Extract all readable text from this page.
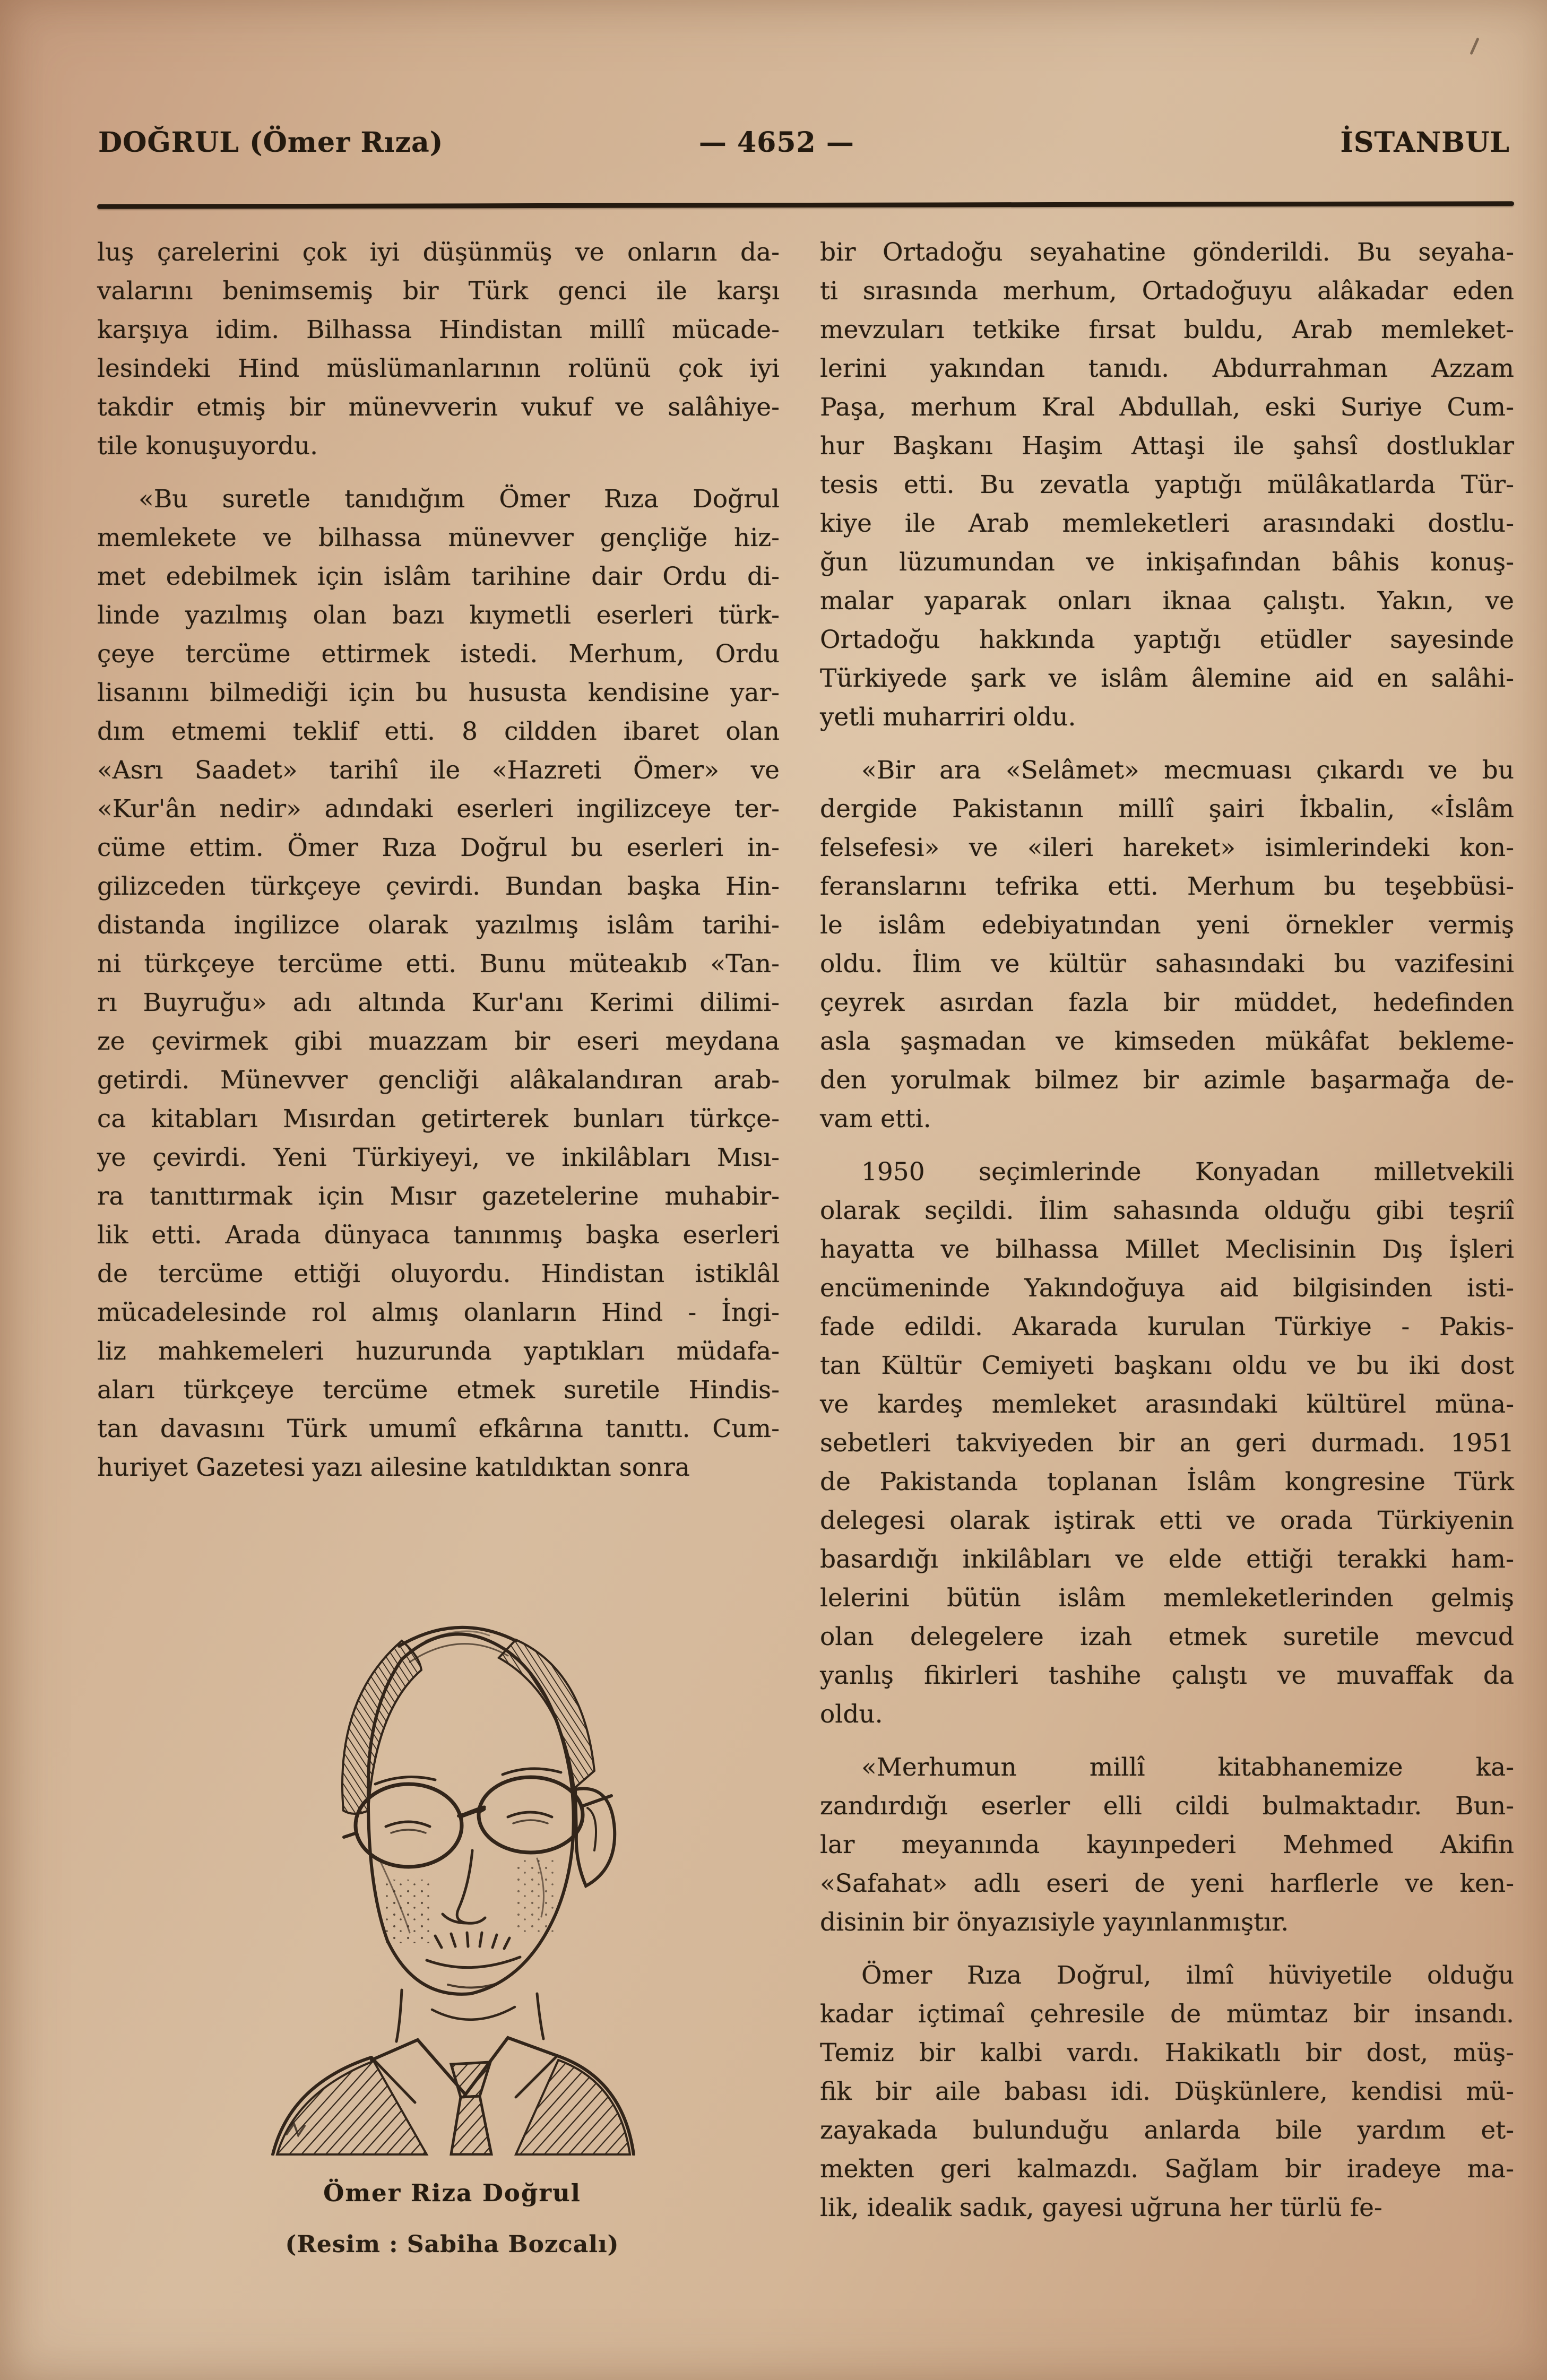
DOĞRUL (Ömer Rıza)	— 4652 —	İSTANBUL
luş çarelerini çok iyi düşünmüş ve onların da-
valarını benimsemiş bir Türk genci ile karşı
karşıya idim. Bilhassa Hindistan millî mücade-
lesindeki Hind müslümanlarının rolünü çok iyi
takdir etmiş bir münevverin vukuf ve salâhiye-
tile konuşuyordu.
«Bu suretle tanıdığım Ömer Rıza Doğrul
memlekete ve bilhassa münevver gençliğe hiz-
met edebilmek için islâm tarihine dair Ordu di-
linde yazılmış olan bazı kıymetli eserleri türk-
çeye tercüme ettirmek istedi. Merhum, Ordu
lisanını bilmediği için bu hususta kendisine yar-
dım etmemi teklif etti. 8 cildden ibaret olan
«Asrı Saadet» tarihî ile «Hazreti Ömer» ve
«Kur'ân nedir» adındaki eserleri ingilizceye ter-
cüme ettim. Ömer Rıza Doğrul bu eserleri in-
gilizceden türkçeye çevirdi. Bundan başka Hin-
distanda ingilizce olarak yazılmış islâm tarihi-
ni türkçeye tercüme etti. Bunu müteakıb «Tan-
rı Buyruğu» adı altında Kur'anı Kerimi dilimi-
ze çevirmek gibi muazzam bir eseri meydana
getirdi. Münevver gencliği alâkalandıran arab-
ca kitabları Mısırdan getirterek bunları türkçe-
ye çevirdi. Yeni Türkiyeyi, ve inkilâbları Mısı-
ra tanıttırmak için Mısır gazetelerine muhabir-
lik etti. Arada dünyaca tanınmış başka eserleri
de tercüme ettiği oluyordu. Hindistan istiklâl
mücadelesinde rol almış olanların Hind - İngi-
liz mahkemeleri huzurunda yaptıkları müdafa-
aları türkçeye tercüme etmek suretile Hindis-
tan davasını Türk umumî efkârına tanıttı. Cum-
huriyet Gazetesi yazı ailesine katıldıktan sonra
Ömer Riza Doğrul
(Resim : Sabiha Bozcalı)
bir Ortadoğu seyahatine gönderildi. Bu seyaha-
ti sırasında merhum, Ortadoğuyu alâkadar eden
mevzuları tetkike fırsat buldu, Arab memleket-
lerini yakından tanıdı. Abdurrahman Azzam
Paşa, merhum Kral Abdullah, eski Suriye Cum-
hur Başkanı Haşim Attaşi ile şahsî dostluklar
tesis etti. Bu zevatla yaptığı mülâkatlarda Tür-
kiye ile Arab memleketleri arasındaki dostlu-
ğun lüzumundan ve inkişafından bâhis konuş-
malar yaparak onları iknaa çalıştı. Yakın, ve
Ortadoğu hakkında yaptığı etüdler sayesinde
Türkiyede şark ve islâm âlemine aid en salâhi-
yetli muharriri oldu.
«Bir ara «Selâmet» mecmuası çıkardı ve bu
dergide Pakistanın millî şairi İkbalin, «İslâm
felsefesi» ve «ileri hareket» isimlerindeki kon-
feranslarını tefrika etti. Merhum bu teşebbüsi-
le islâm edebiyatından yeni örnekler vermiş
oldu. İlim ve kültür sahasındaki bu vazifesini
çeyrek asırdan fazla bir müddet, hedefinden
asla şaşmadan ve kimseden mükâfat bekleme-
den yorulmak bilmez bir azimle başarmağa de-
vam etti.
1950 seçimlerinde Konyadan milletvekili
olarak seçildi. İlim sahasında olduğu gibi teşriî
hayatta ve bilhassa Millet Meclisinin Dış İşleri
encümeninde Yakındoğuya aid bilgisinden isti-
fade edildi. Akarada kurulan Türkiye - Pakis-
tan Kültür Cemiyeti başkanı oldu ve bu iki dost
ve kardeş memleket arasındaki kültürel müna-
sebetleri takviyeden bir an geri durmadı. 1951
de Pakistanda toplanan İslâm kongresine Türk
delegesi olarak iştirak etti ve orada Türkiyenin
basardığı inkilâbları ve elde ettiği terakki ham-
lelerini bütün islâm memleketlerinden gelmiş
olan delegelere izah etmek suretile mevcud
yanlış fikirleri tashihe çalıştı ve muvaffak da
oldu.
«Merhumun millî kitabhanemize ka-
zandırdığı eserler elli cildi bulmaktadır. Bun-
lar meyanında kayınpederi Mehmed Akifin
«Safahat» adlı eseri de yeni harflerle ve ken-
disinin bir önyazısiyle yayınlanmıştır.
Ömer Rıza Doğrul, ilmî hüviyetile olduğu
kadar içtimaî çehresile de mümtaz bir insandı.
Temiz bir kalbi vardı. Hakikatlı bir dost, müş-
fik bir aile babası idi. Düşkünlere, kendisi mü-
zayakada bulunduğu anlarda bile yardım et-
mekten geri kalmazdı. Sağlam bir iradeye ma-
lik, idealik sadık, gayesi uğruna her türlü fe-
